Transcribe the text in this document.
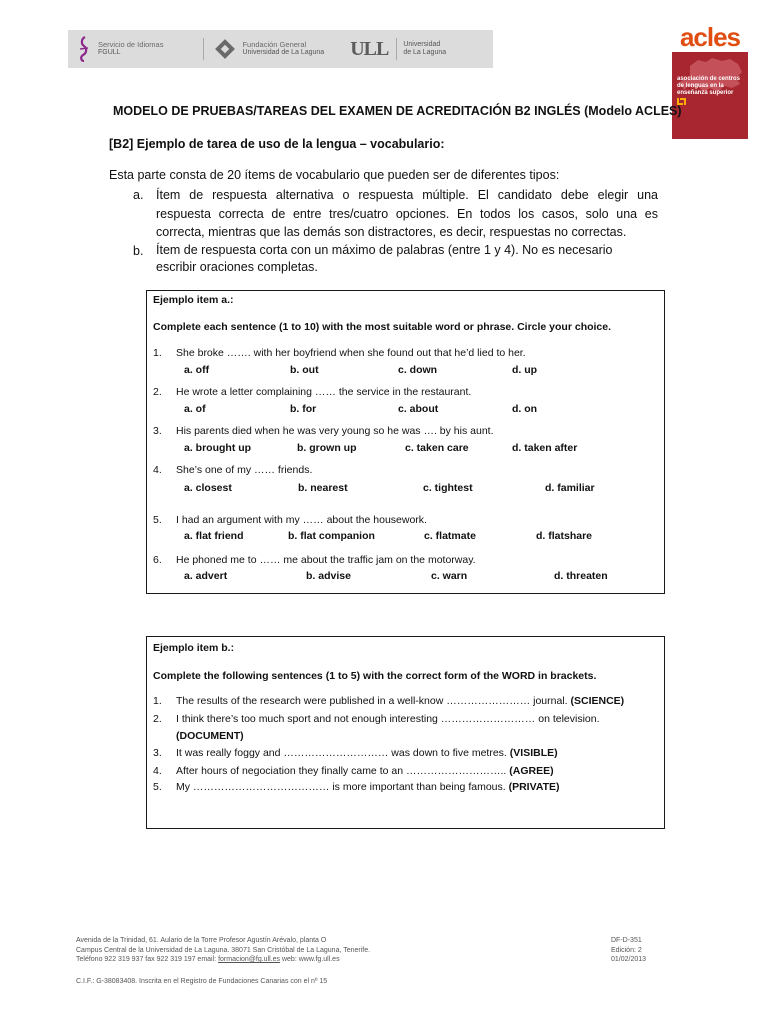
Servicio de Idiomas
FGULL
Fundación General
Universidad de La Laguna ULL Universidad
de La Laguna
acles
asociación de centros de lenguas en la enseñanza superior
MODELO DE PRUEBAS/TAREAS DEL EXAMEN DE ACREDITACIÓN B2 INGLÉS (Modelo ACLES)
[B2] Ejemplo de tarea de uso de la lengua – vocabulario:
Esta parte consta de 20 ítems de vocabulario que pueden ser de diferentes tipos:
a. Ítem de respuesta alternativa o respuesta múltiple. El candidato debe elegir una
respuesta correcta de entre tres/cuatro opciones. En todos los casos, solo una es
correcta, mientras que las demás son distractores, es decir, respuestas no correctas.
b. Ítem de respuesta corta con un máximo de palabras (entre 1 y 4). No es necesario
escribir oraciones completas.
Ejemplo item a.:
Complete each sentence (1 to 10) with the most suitable word or phrase. Circle your choice.
1. She broke ……. with her boyfriend when she found out that he’d lied to her.
a. off	b. out	c. down	d. up
2. He wrote a letter complaining …… the service in the restaurant.
a. of	b. for	c. about	d. on
3. His parents died when he was very young so he was …. by his aunt.
a. brought up	b. grown up	c. taken care	d. taken after
4. She’s one of my …… friends.
a. closest	b. nearest	c. tightest	d. familiar
5. I had an argument with my …… about the housework.
a. flat friend	b. flat companion	c. flatmate	d. flatshare
6. He phoned me to …… me about the traffic jam on the motorway.
a. advert	b. advise	c. warn	d. threaten
Ejemplo item b.:
Complete the following sentences (1 to 5) with the correct form of the WORD in brackets.
1. The results of the research were published in a well-know …………………… journal. (SCIENCE)
2. I think there’s too much sport and not enough interesting ……………………… on television.
(DOCUMENT)
3. It was really foggy and ………………………… was down to five metres. (VISIBLE)
4. After hours of negociation they finally came to an ……………………….. (AGREE)
5. My ………………………………… is more important than being famous. (PRIVATE)
Avenida de la Trinidad, 61. Aulario de la Torre Profesor Agustín Arévalo, planta O
Campus Central de la Universidad de La Laguna. 38071 San Cristóbal de La Laguna, Tenerife.
Teléfono 922 319 937 fax 922 319 197 email: formacion@fg.ull.es web: www.fg.ull.es
C.I.F.: G-38083408. Inscrita en el Registro de Fundaciones Canarias con el nº 15
DF-D-351
Edición: 2
01/02/2013
